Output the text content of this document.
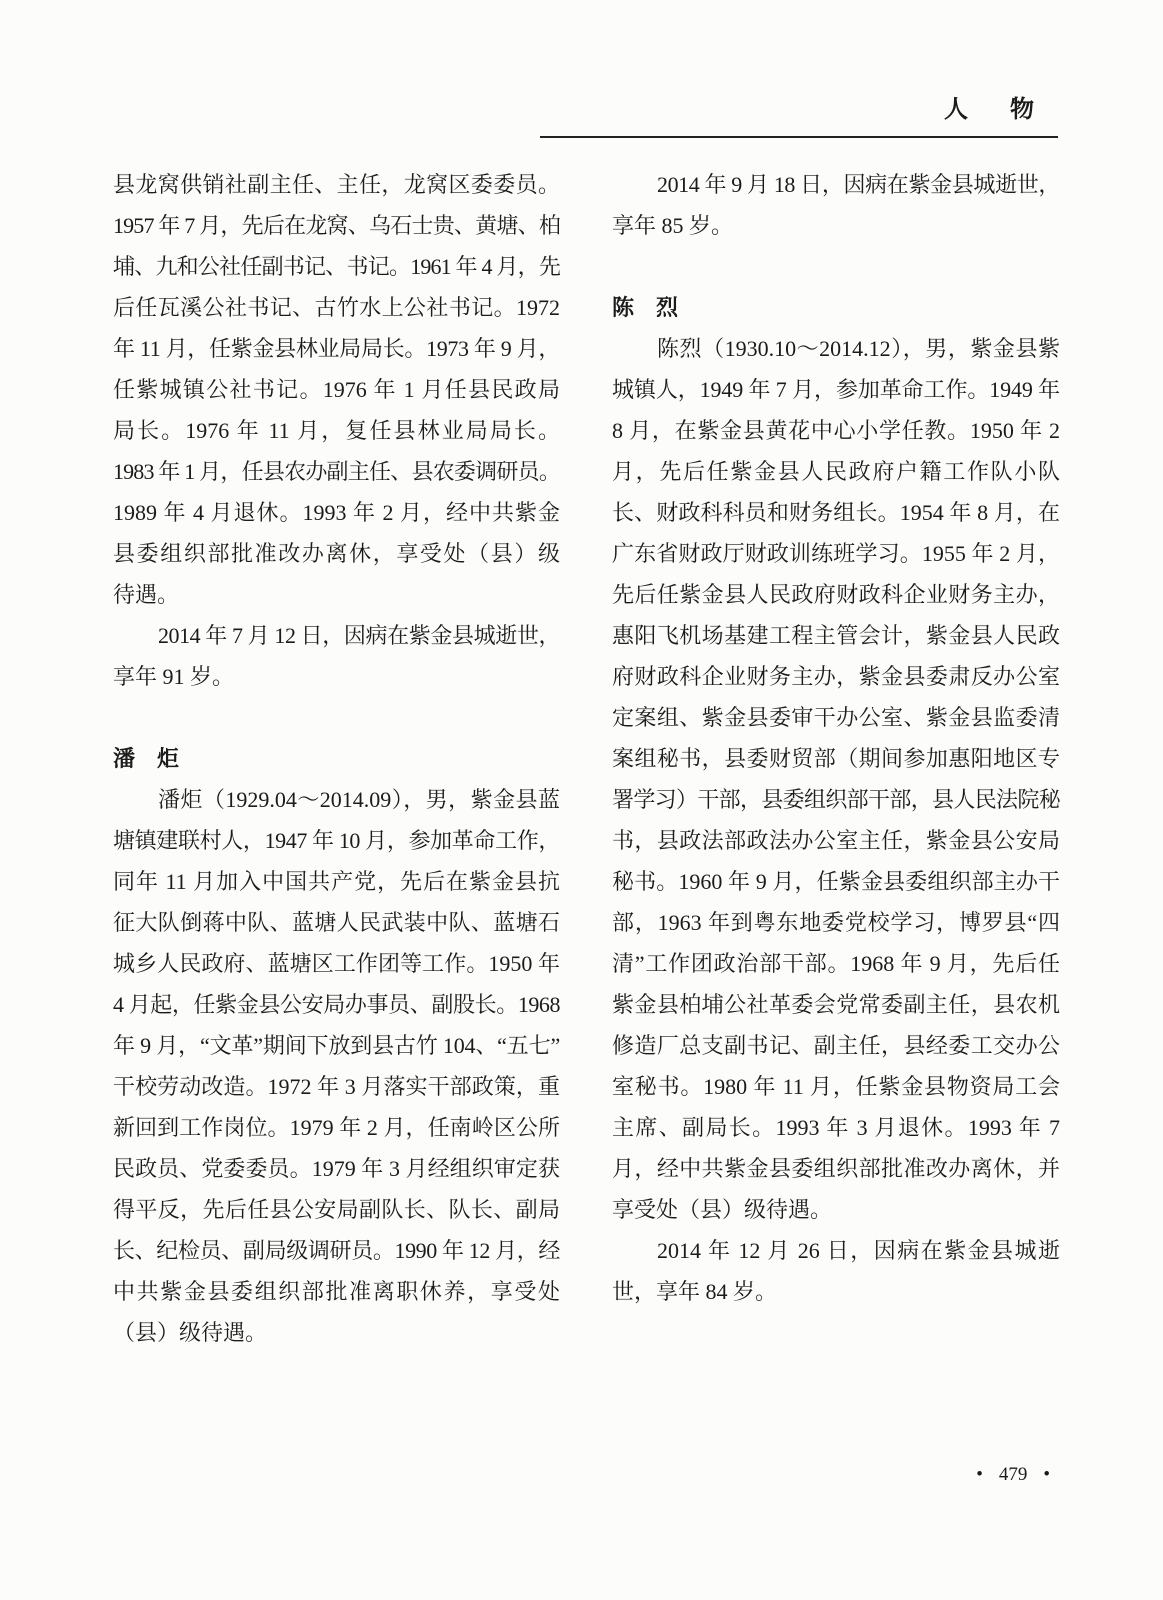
人　　物
县龙窝供销社副主任、主任，龙窝区委委员。
1957 年 7 月，先后在龙窝、乌石士贵、黄塘、柏
埔、九和公社任副书记、书记。1961 年 4 月，先
后任瓦溪公社书记、古竹水上公社书记。1972
年 11 月，任紫金县林业局局长。1973 年 9 月，
任紫城镇公社书记。1976 年 1 月任县民政局
局长。1976 年 11 月，复任县林业局局长。
1983 年 1 月，任县农办副主任、县农委调研员。
1989 年 4 月退休。1993 年 2 月，经中共紫金
县委组织部批准改办离休，享受处（县）级
待遇。
2014 年 7 月 12 日，因病在紫金县城逝世，
享年 91 岁。
潘　炬
潘炬（1929.04～2014.09），男，紫金县蓝
塘镇建联村人，1947 年 10 月，参加革命工作，
同年 11 月加入中国共产党，先后在紫金县抗
征大队倒蒋中队、蓝塘人民武装中队、蓝塘石
城乡人民政府、蓝塘区工作团等工作。1950 年
4 月起，任紫金县公安局办事员、副股长。1968
年 9 月，“文革”期间下放到县古竹 104、“五七”
干校劳动改造。1972 年 3 月落实干部政策，重
新回到工作岗位。1979 年 2 月，任南岭区公所
民政员、党委委员。1979 年 3 月经组织审定获
得平反，先后任县公安局副队长、队长、副局
长、纪检员、副局级调研员。1990 年 12 月，经
中共紫金县委组织部批准离职休养，享受处
（县）级待遇。
2014 年 9 月 18 日，因病在紫金县城逝世，
享年 85 岁。
陈　烈
陈烈（1930.10～2014.12），男，紫金县紫
城镇人，1949 年 7 月，参加革命工作。1949 年
8 月，在紫金县黄花中心小学任教。1950 年 2
月，先后任紫金县人民政府户籍工作队小队
长、财政科科员和财务组长。1954 年 8 月，在
广东省财政厅财政训练班学习。1955 年 2 月，
先后任紫金县人民政府财政科企业财务主办，
惠阳飞机场基建工程主管会计，紫金县人民政
府财政科企业财务主办，紫金县委肃反办公室
定案组、紫金县委审干办公室、紫金县监委清
案组秘书，县委财贸部（期间参加惠阳地区专
署学习）干部，县委组织部干部，县人民法院秘
书，县政法部政法办公室主任，紫金县公安局
秘书。1960 年 9 月，任紫金县委组织部主办干
部，1963 年到粤东地委党校学习，博罗县“四
清”工作团政治部干部。1968 年 9 月，先后任
紫金县柏埔公社革委会党常委副主任，县农机
修造厂总支副书记、副主任，县经委工交办公
室秘书。1980 年 11 月，任紫金县物资局工会
主席、副局长。1993 年 3 月退休。1993 年 7
月，经中共紫金县委组织部批准改办离休，并
享受处（县）级待遇。
2014 年 12 月 26 日，因病在紫金县城逝
世，享年 84 岁。
• 479 •
